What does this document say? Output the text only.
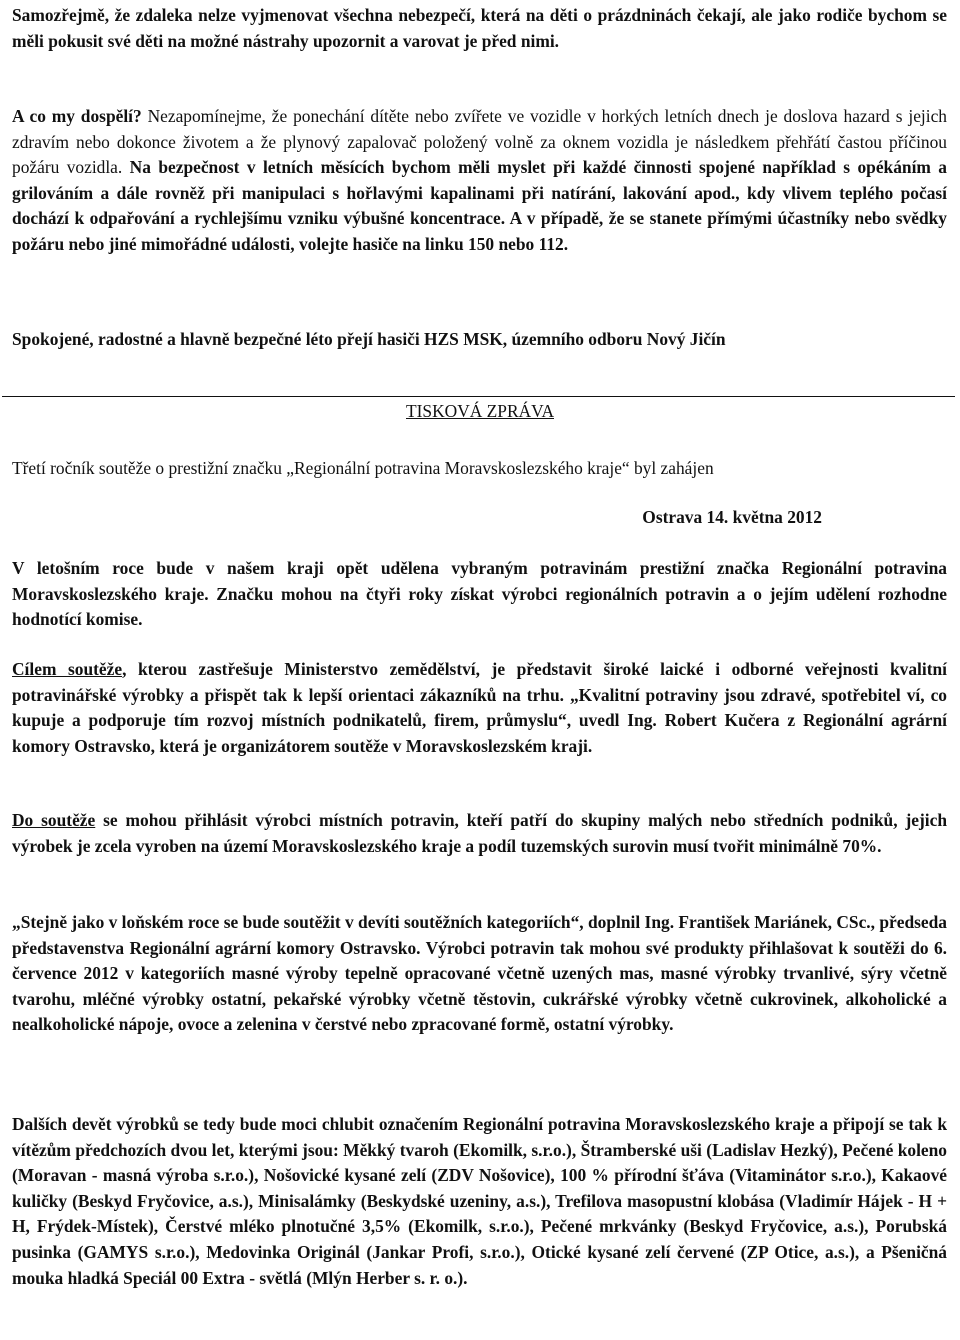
Samozřejmě, že zdaleka nelze vyjmenovat všechna nebezpečí, která na děti o prázdninách čekají, ale jako rodiče bychom se měli pokusit své děti na možné nástrahy upozornit a varovat je před nimi.

A co my dospělí? Nezapomínejme, že ponechání dítěte nebo zvířete ve vozidle v horkých letních dnech je doslova hazard s jejich zdravím nebo dokonce životem a že plynový zapalovač položený volně za oknem vozidla je následkem přehřátí častou příčinou požáru vozidla. Na bezpečnost v letních měsících bychom měli myslet při každé činnosti spojené například s opékáním a grilováním a dále rovněž při manipulaci s hořlavými kapalinami při natírání, lakování apod., kdy vlivem teplého počasí dochází k odpařování a rychlejšímu vzniku výbušné koncentrace. A v případě, že se stanete přímými účastníky nebo svědky požáru nebo jiné mimořádné události, volejte hasiče na linku 150 nebo 112.

Spokojené, radostné a hlavně bezpečné léto přejí hasiči HZS MSK, územního odboru Nový Jičín

TISKOVÁ ZPRÁVA

Třetí ročník soutěže o prestižní značku „Regionální potravina Moravskoslezského kraje“ byl zahájen

Ostrava 14. května 2012

V letošním roce bude v našem kraji opět udělena vybraným potravinám prestižní značka Regionální potravina Moravskoslezského kraje. Značku mohou na čtyři roky získat výrobci regionálních potravin a o jejím udělení rozhodne hodnotící komise.

Cílem soutěže, kterou zastřešuje Ministerstvo zemědělství, je představit široké laické i odborné veřejnosti kvalitní potravinářské výrobky a přispět tak k lepší orientaci zákazníků na trhu. „Kvalitní potraviny jsou zdravé, spotřebitel ví, co kupuje a podporuje tím rozvoj místních podnikatelů, firem, průmyslu“, uvedl Ing. Robert Kučera z Regionální agrární komory Ostravsko, která je organizátorem soutěže v Moravskoslezském kraji.

Do soutěže se mohou přihlásit výrobci místních potravin, kteří patří do skupiny malých nebo středních podniků, jejich výrobek je zcela vyroben na území Moravskoslezského kraje a podíl tuzemských surovin musí tvořit minimálně 70%.

„Stejně jako v loňském roce se bude soutěžit v devíti soutěžních kategoriích“, doplnil Ing. František Mariánek, CSc., předseda představenstva Regionální agrární komory Ostravsko. Výrobci potravin tak mohou své produkty přihlašovat k soutěži do 6. července 2012 v kategoriích masné výroby tepelně opracované včetně uzených mas, masné výrobky trvanlivé, sýry včetně tvarohu, mléčné výrobky ostatní, pekařské výrobky včetně těstovin, cukrářské výrobky včetně cukrovinek, alkoholické a nealkoholické nápoje, ovoce a zelenina v čerstvé nebo zpracované formě, ostatní výrobky.

Dalších devět výrobků se tedy bude moci chlubit označením Regionální potravina Moravskoslezského kraje a připojí se tak k vítězům předchozích dvou let, kterými jsou: Měkký tvaroh (Ekomilk, s.r.o.), Štramberské uši (Ladislav Hezký), Pečené koleno (Moravan - masná výroba s.r.o.), Nošovické kysané zelí (ZDV Nošovice), 100 % přírodní šťáva (Vitaminátor s.r.o.), Kakaové kuličky (Beskyd Fryčovice, a.s.), Minisalámky (Beskydské uzeniny, a.s.), Trefilova masopustní klobása (Vladimír Hájek - H + H, Frýdek-Místek), Čerstvé mléko plnotučné 3,5% (Ekomilk, s.r.o.), Pečené mrkvánky (Beskyd Fryčovice, a.s.), Porubská pusinka (GAMYS s.r.o.), Medovinka Originál (Jankar Profi, s.r.o.), Otické kysané zelí červené (ZP Otice, a.s.), a Pšeničná mouka hladká Speciál 00 Extra - světlá (Mlýn Herber s. r. o.).
